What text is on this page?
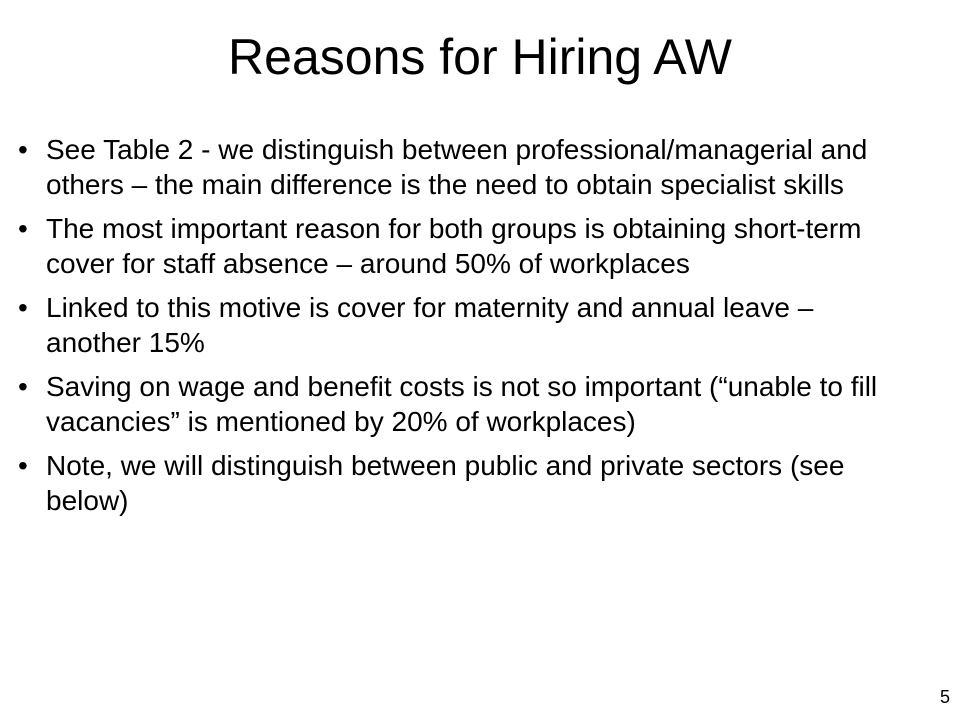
Reasons for Hiring AW
• See Table 2 - we distinguish between professional/managerial and others – the main difference is the need to obtain specialist skills
• The most important reason for both groups is obtaining short-term cover for staff absence – around 50% of workplaces
• Linked to this motive is cover for maternity and annual leave – another 15%
• Saving on wage and benefit costs is not so important (“unable to fill vacancies” is mentioned by 20% of workplaces)
• Note, we will distinguish between public and private sectors (see below)
5
